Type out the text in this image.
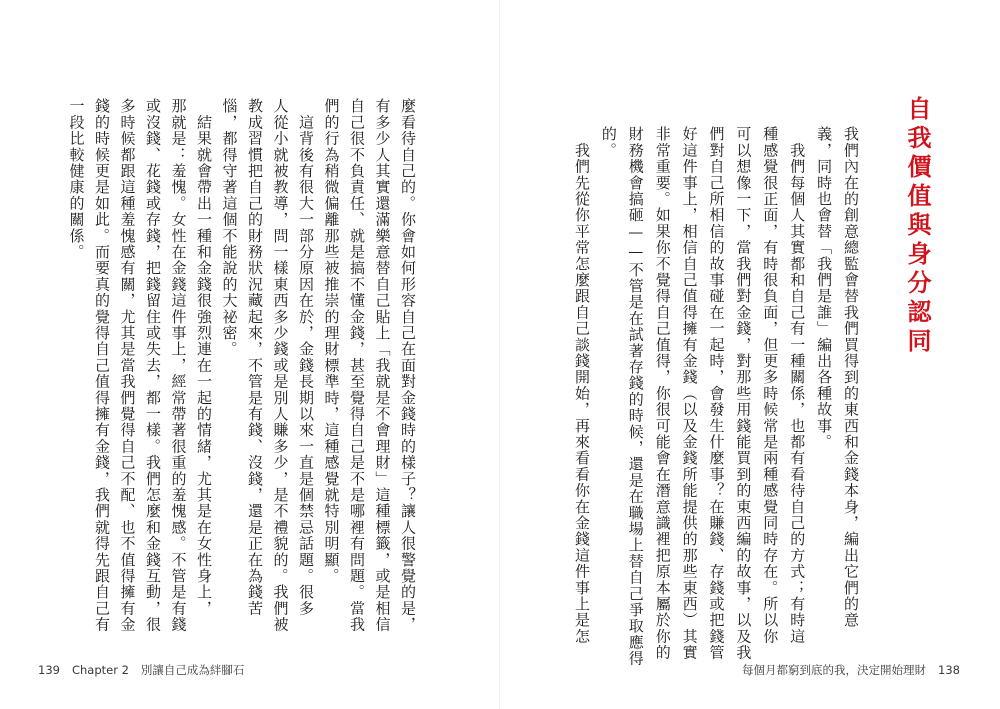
麼看待自己的。你會如何形容自己在面對金錢時的樣子？讓人很警覺的是，
有多少人其實還滿樂意替自己貼上「我就是不會理財」這種標籤，或是相信
自己很不負責任、就是搞不懂金錢，甚至覺得自己是不是哪裡有問題。當我
們的行為稍微偏離那些被推崇的理財標準時，這種感覺就特別明顯。
　這背後有很大一部分原因在於，金錢長期以來一直是個禁忌話題。很多
人從小就被教導，問一樣東西多少錢或是別人賺多少，是不禮貌的。我們被
教成習慣把自己的財務狀況藏起來，不管是有錢、沒錢，還是正在為錢苦
惱，都得守著這個不能說的大祕密。
　結果就會帶出一種和金錢很強烈連在一起的情緒，尤其是在女性身上，
那就是：羞愧。女性在金錢這件事上，經常帶著很重的羞愧感。不管是有錢
或沒錢、花錢或存錢，把錢留住或失去，都一樣。我們怎麼和金錢互動，很
多時候都跟這種羞愧感有關，尤其是當我們覺得自己不配、也不值得擁有金
錢的時候更是如此。而要真的覺得自己值得擁有金錢，我們就得先跟自己有
一段比較健康的關係。
139 Chapter 2 別讓自己成為絆腳石
自我價值與身分認同
我們內在的創意總監會替我們買得到的東西和金錢本身，編出它們的意
義，同時也會替「我們是誰」編出各種故事。
　我們每個人其實都和自己有一種關係，也都有看待自己的方式；有時這
種感覺很正面，有時很負面，但更多時候常是兩種感覺同時存在。所以你
可以想像一下，當我們對金錢，對那些用錢能買到的東西編的故事，以及我
們對自己所相信的故事碰在一起時，會發生什麼事？在賺錢、存錢或把錢管
好這件事上，相信自己值得擁有金錢（以及金錢所能提供的那些東西）其實
非常重要。如果你不覺得自己值得，你很可能會在潛意識裡把原本屬於你的
財務機會搞砸——不管是在試著存錢的時候，還是在職場上替自己爭取應得
的。
　我們先從你平常怎麼跟自己談錢開始，再來看看你在金錢這件事上是怎
每個月都窮到底的我，決定開始理財 138
